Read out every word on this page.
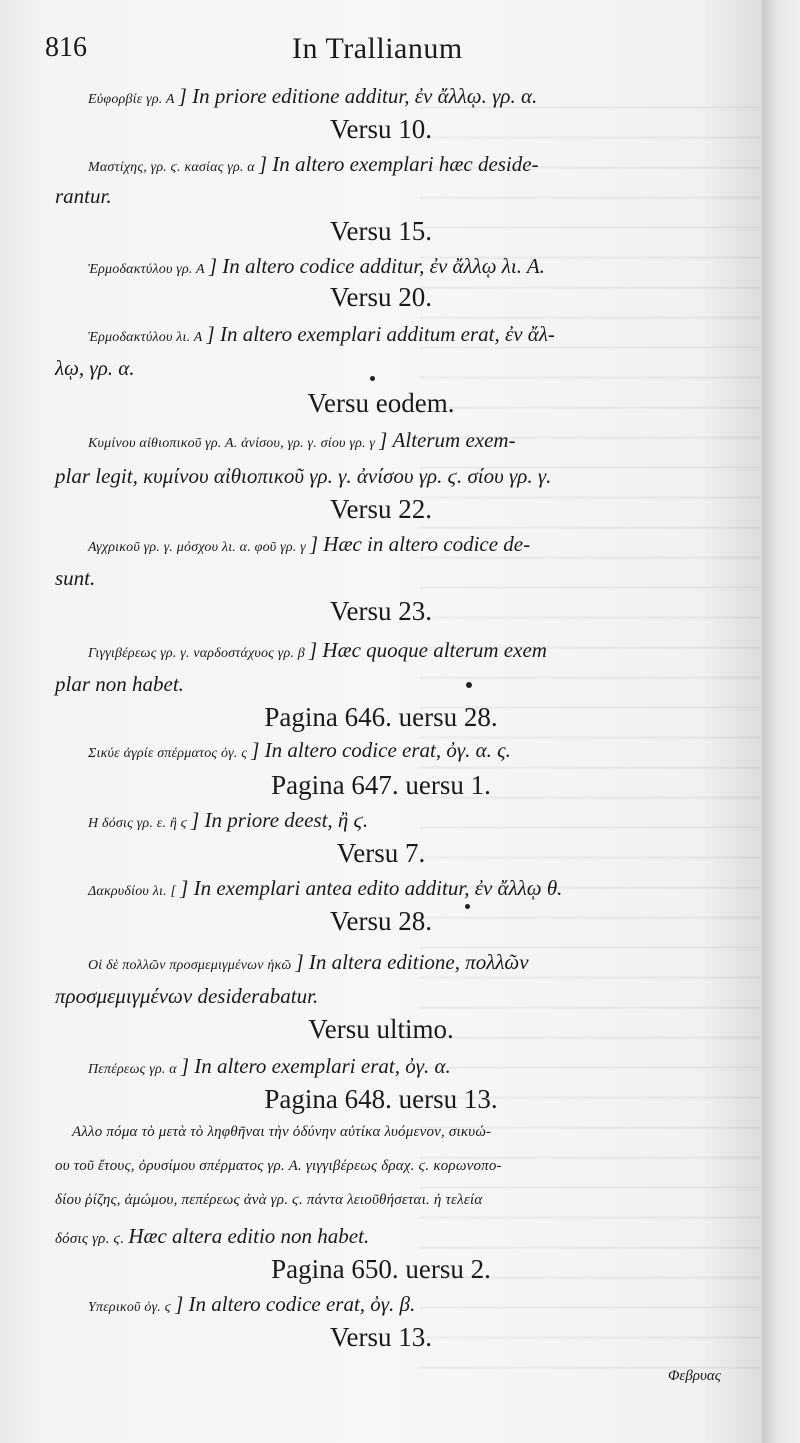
816	In Trallianum
Εὐφορβίε γρ. Α ] In priore editione additur, ἐν ἄλλῳ. γρ. α.
Versu 10.
Μαστίχης, γρ. ϛ. κασίας γρ. α ] In altero exemplari hæc deside-
rantur.
Versu 15.
Ἑρμοδακτύλου γρ. Α ] In altero codice additur, ἐν ἄλλῳ λι. Α.
Versu 20.
Ἑρμοδακτύλου λι. Α ] In altero exemplari additum erat, ἐν ἄλ-
λῳ, γρ. α.
Versu eodem.
Κυμίνου αἰθιοπικοῦ γρ. Α. ἀνίσου, γρ. γ. σίου γρ. γ ] Alterum exem-
plar legit, κυμίνου αἰθιοπικοῦ γρ. γ. ἀνίσου γρ. ϛ. σίου γρ. γ.
Versu 22.
Αγχρικοῦ γρ. γ. μόσχου λι. α. φοῦ γρ. γ ] Hæc in altero codice de-
sunt.
Versu 23.
Γιγγιβέρεως γρ. γ. ναρδοστάχυος γρ. β ] Hæc quoque alterum exem
plar non habet.
Pagina 646. uersu 28.
Σικύε ἀγρίε σπέρματος ὀγ. ς ] In altero codice erat, ὀγ. α. ς.
Pagina 647. uersu 1.
Η δόσις γρ. ε. ἢ ϛ ] In priore deest, ἢ ϛ.
Versu 7.
Δακρυδίου λι. [ ] In exemplari antea edito additur, ἐν ἄλλῳ θ.
Versu 28.
Οἱ δὲ πολλῶν προσμεμιγμένων ἡκῶ ] In altera editione, πολλῶν
προσμεμιγμένων desiderabatur.
Versu ultimo.
Πεπέρεως γρ. α ] In altero exemplari erat, ὀγ. α.
Pagina 648. uersu 13.
Αλλο πόμα τὸ μετὰ τὸ ληφθῆναι τὴν ὀδύνην αὐτίκα λυόμενον, σικυώ-
ου τοῦ ἔτους, ὀρυσίμου σπέρματος γρ. Α. γιγγιβέρεως δραχ. ϛ. κορωνοπο-
δίου ῥίζης, ἀμώμου, πεπέρεως ἀνὰ γρ. ϛ. πάντα λειοῦθήσεται. ἡ τελεία
δόσις γρ. ϛ. Hæc altera editio non habet.
Pagina 650. uersu 2.
Υπερικοῦ ὀγ. ϛ ] In altero codice erat, ὀγ. β.
Versu 13.
Φεβρυας
